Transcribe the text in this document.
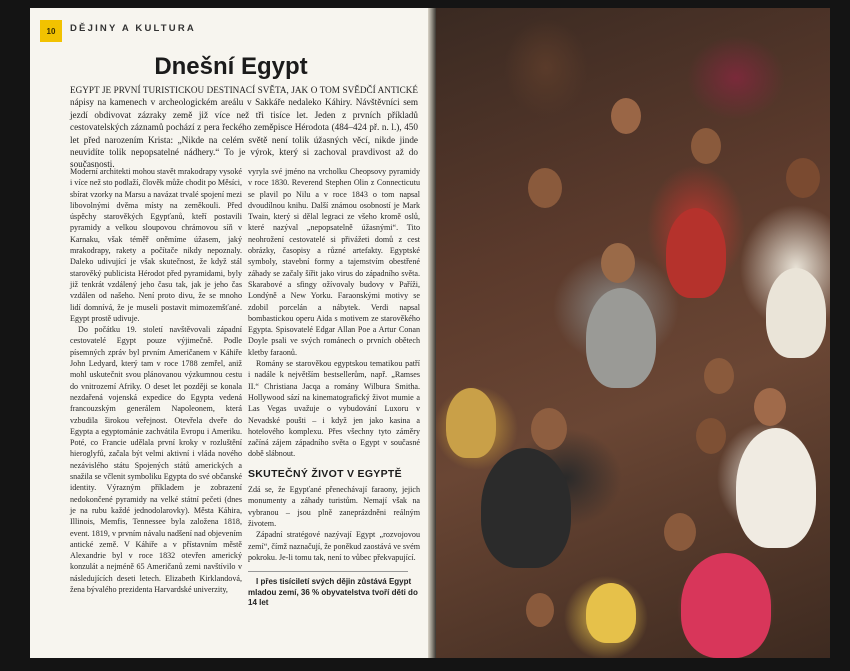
10 DĚJINY A KULTURA
Dnešní Egypt
EGYPT JE PRVNÍ TURISTICKOU DESTINACÍ SVĚTA, JAK O TOM SVĚDČÍ ANTICKÉ nápisy na kamenech v archeologickém areálu v Sakkáře nedaleko Káhiry. Návštěvníci sem jezdí obdivovat zázraky země již více než tři tisíce let. Jeden z prvních příkladů cestovatelských záznamů pochází z pera řeckého zeměpisce Hérodota (484–424 př. n. l.), 450 let před narozením Krista: „Nikde na celém světě není tolik úžasných věcí, nikde jinde neuvidíte tolik nepopsatelné nádhery.“ To je výrok, který si zachoval pravdivost až do současnosti.

Moderní architekti mohou stavět mrakodrapy vysoké i více než sto podlaží, člověk může chodit po Měsíci, sbírat vzorky na Marsu a navázat trvalé spojení mezi libovolnými dvěma místy na zeměkouli. Před úspěchy starověkých Egypťanů, kteří postavili pyramidy a velkou sloupovou chrámovou síň v Karnaku, však téměř oněmíme úžasem, jaký mrakodrapy, rakety a počítače nikdy nepoznaly. Daleko udivující je však skutečnost, že když stál starověký publicista Hérodot před pyramidami, byly již tenkrát vzdálený jeho času tak, jak je jeho čas vzdálen od našeho. Není proto divu, že se mnoho lidí domnívá, že je museli postavit mimozemšťané. Egypt prostě udivuje.

Do počátku 19. století navštěvovali západní cestovatelé Egypt pouze výjimečně. Podle písemných zpráv byl prvním Američanem v Káhiře John Ledyard, který tam v roce 1788 zemřel, aniž mohl uskutečnit svou plánovanou výzkumnou cestu do vnitrozemí Afriky. O deset let později se konala nezdařená vojenská expedice do Egypta vedená francouzským generálem Napoleonem, která vzbudila širokou veřejnost. Otevřela dveře do Egypta a egyptománie zachvátila Evropu i Ameriku. Poté, co Francie udělala první kroky v rozluštění hieroglyfů, začala být velmi aktivní i vláda nového nezávislého státu Spojených států amerických a snažila se včlenit symboliku Egypta do své občanské identity. Výrazným příkladem je zobrazení nedokončené pyramidy na velké státní pečeti (dnes je na rubu každé jednodolarovky). Města Káhira, Illinois, Memfis, Tennessee byla založena 1818, event. 1819, v prvním návalu nadšení nad objevením antické země. V Káhiře a v přístavním městě Alexandrie byl v roce 1832 otevřen americký konzulát a nejméně 65 Američanů zemi navštívilo v následujících deseti letech. Elizabeth Kirklandová, žena bývalého prezidenta Harvardské univerzity,

vyryla své jméno na vrcholku Cheopsovy pyramidy v roce 1830. Reverend Stephen Olin z Connecticutu se plavil po Nilu a v roce 1843 o tom napsal dvoudílnou knihu. Další známou osobností je Mark Twain, který si dělal legraci ze všeho kromě oslů, které nazýval „nepopsatelně úžasnými“. Tito neohrožení cestovatelé si přivážeti domů z cest obrázky, časopisy a různé artefakty. Egyptské symboly, stavební formy a tajemstvím obestřené záhady se začaly šířit jako virus do západního světa. Skarabové a sfingy ožívovaly budovy v Paříži, Londýně a New Yorku. Faraonskými motivy se zdobil porcelán a nábytek. Verdi napsal bombastickou operu Aida s motivem ze starověkého Egypta. Spisovatelé Edgar Allan Poe a Artur Conan Doyle psali ve svých románech o prvních obětech kletby faraonů.

Romány se starověkou egyptskou tematikou patří i nadále k největším bestsellerům, např. „Ramses II.“ Christiana Jacqa a romány Wilbura Smitha. Hollywood sází na kinematografický život mumie a Las Vegas uvažuje o vybudování Luxoru v Nevadské poušti – i když jen jako kasina a hotelového komplexu. Přes všechny tyto záměry začíná zájem západního světa o Egypt v současné době slábnout.

SKUTEČNÝ ŽIVOT V EGYPTĚ

Zdá se, že Egypťané přenechávají faraony, jejich monumenty a záhady turistům. Nemají však na vybranou – jsou plně zaneprázdněni reálným životem.

Západní stratégové nazývají Egypt „rozvojovou zemí“, čímž naznačují, že poněkud zaostává ve svém pokroku. Je-li tomu tak, není to vůbec překvapující.

I přes tisíciletí svých dějin zůstává Egypt mladou zemí, 36 % obyvatelstva tvoří děti do 14 let
